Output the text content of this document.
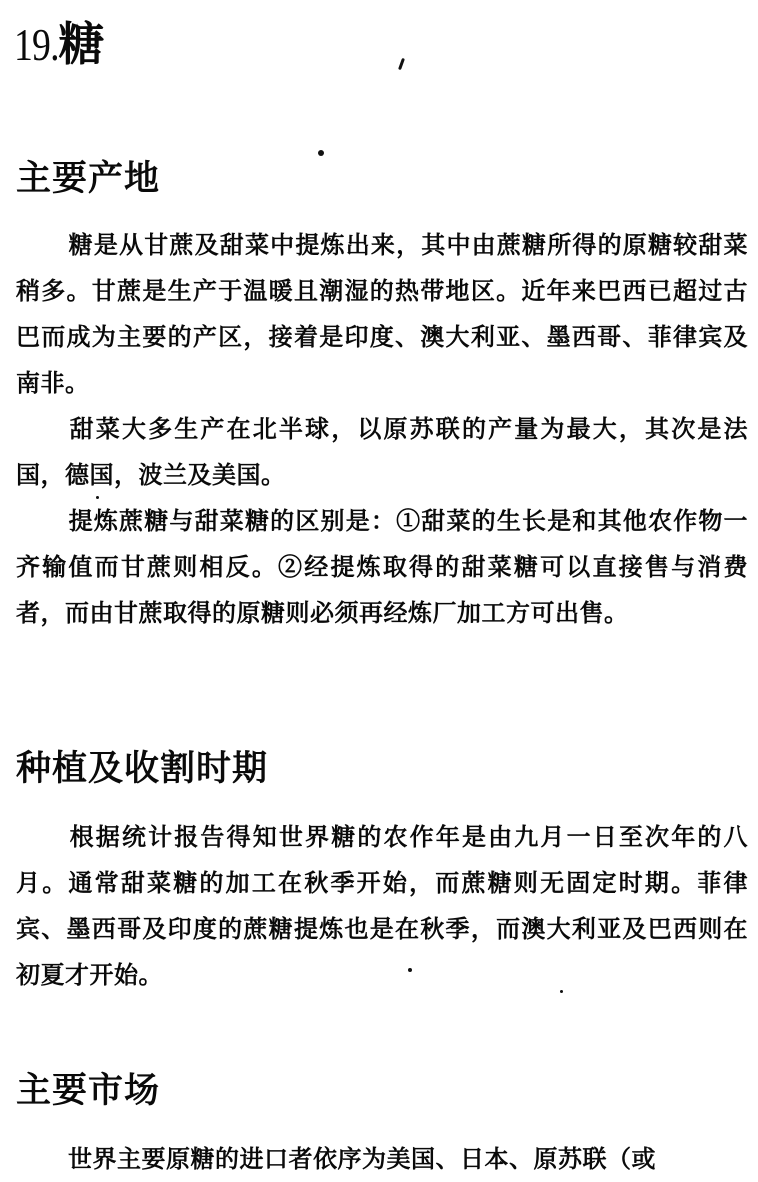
19.糖
主要产地
糖是从甘蔗及甜菜中提炼出来，其中由蔗糖所得的原糖较甜菜稍多。甘蔗是生产于温暖且潮湿的热带地区。近年来巴西已超过古巴而成为主要的产区，接着是印度、澳大利亚、墨西哥、菲律宾及南非。
甜菜大多生产在北半球，以原苏联的产量为最大，其次是法国，德国，波兰及美国。
提炼蔗糖与甜菜糖的区别是：①甜菜的生长是和其他农作物一齐输值而甘蔗则相反。②经提炼取得的甜菜糖可以直接售与消费者，而由甘蔗取得的原糖则必须再经炼厂加工方可出售。
种植及收割时期
根据统计报告得知世界糖的农作年是由九月一日至次年的八月。通常甜菜糖的加工在秋季开始，而蔗糖则无固定时期。菲律宾、墨西哥及印度的蔗糖提炼也是在秋季，而澳大利亚及巴西则在初夏才开始。
主要市场
世界主要原糖的进口者依序为美国、日本、原苏联（或
